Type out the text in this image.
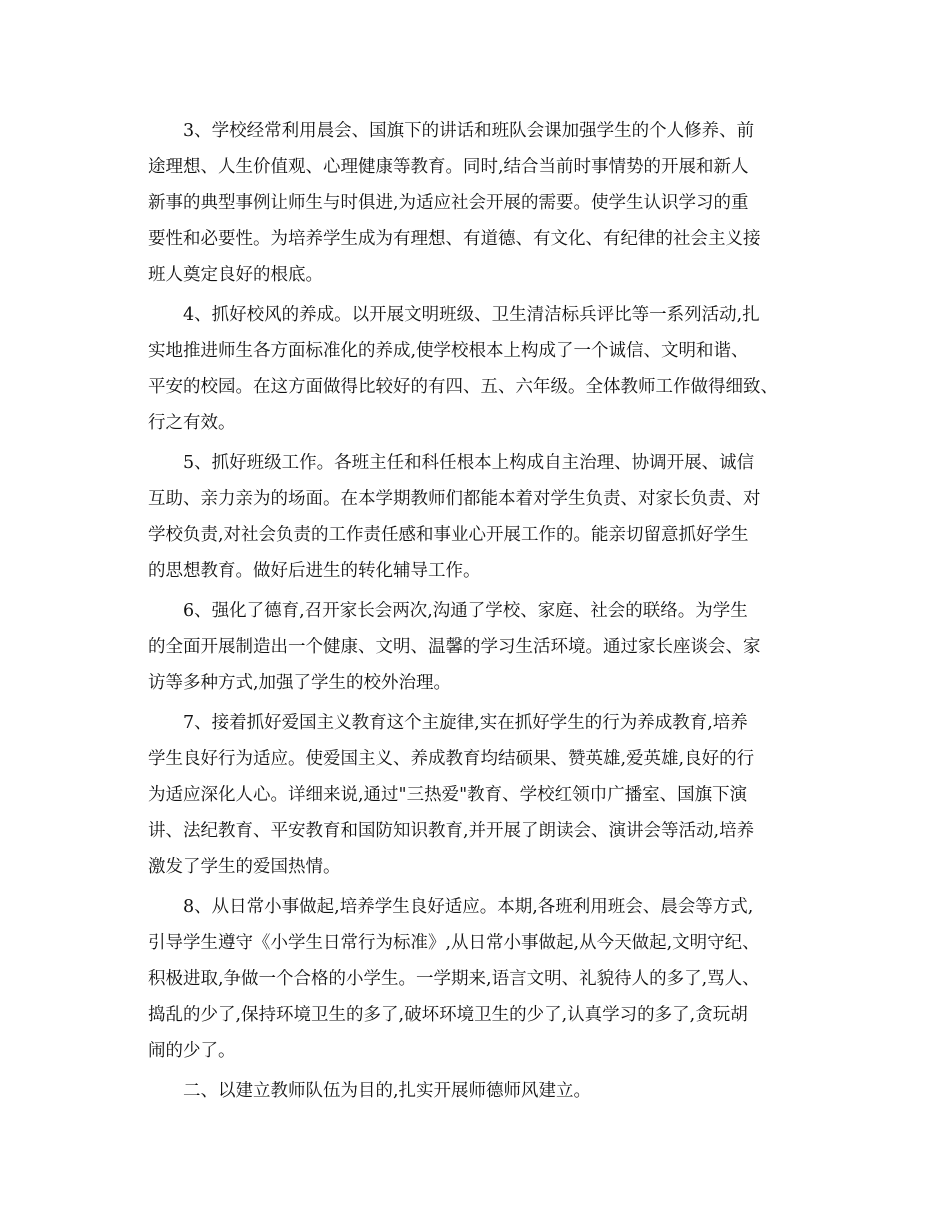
3、学校经常利用晨会、国旗下的讲话和班队会课加强学生的个人修养、前
途理想、人生价值观、心理健康等教育。同时,结合当前时事情势的开展和新人
新事的典型事例让师生与时俱进,为适应社会开展的需要。使学生认识学习的重
要性和必要性。为培养学生成为有理想、有道德、有文化、有纪律的社会主义接
班人奠定良好的根底。

4、抓好校风的养成。以开展文明班级、卫生清洁标兵评比等一系列活动,扎
实地推进师生各方面标准化的养成,使学校根本上构成了一个诚信、文明和谐、
平安的校园。在这方面做得比较好的有四、五、六年级。全体教师工作做得细致、
行之有效。

5、抓好班级工作。各班主任和科任根本上构成自主治理、协调开展、诚信
互助、亲力亲为的场面。在本学期教师们都能本着对学生负责、对家长负责、对
学校负责,对社会负责的工作责任感和事业心开展工作的。能亲切留意抓好学生
的思想教育。做好后进生的转化辅导工作。

6、强化了德育,召开家长会两次,沟通了学校、家庭、社会的联络。为学生
的全面开展制造出一个健康、文明、温馨的学习生活环境。通过家长座谈会、家
访等多种方式,加强了学生的校外治理。

7、接着抓好爱国主义教育这个主旋律,实在抓好学生的行为养成教育,培养
学生良好行为适应。使爱国主义、养成教育均结硕果、赞英雄,爱英雄,良好的行
为适应深化人心。详细来说,通过"三热爱"教育、学校红领巾广播室、国旗下演
讲、法纪教育、平安教育和国防知识教育,并开展了朗读会、演讲会等活动,培养
激发了学生的爱国热情。

8、从日常小事做起,培养学生良好适应。本期,各班利用班会、晨会等方式,
引导学生遵守《小学生日常行为标准》,从日常小事做起,从今天做起,文明守纪、
积极进取,争做一个合格的小学生。一学期来,语言文明、礼貌待人的多了,骂人、
捣乱的少了,保持环境卫生的多了,破坏环境卫生的少了,认真学习的多了,贪玩胡
闹的少了。

二、以建立教师队伍为目的,扎实开展师德师风建立。
